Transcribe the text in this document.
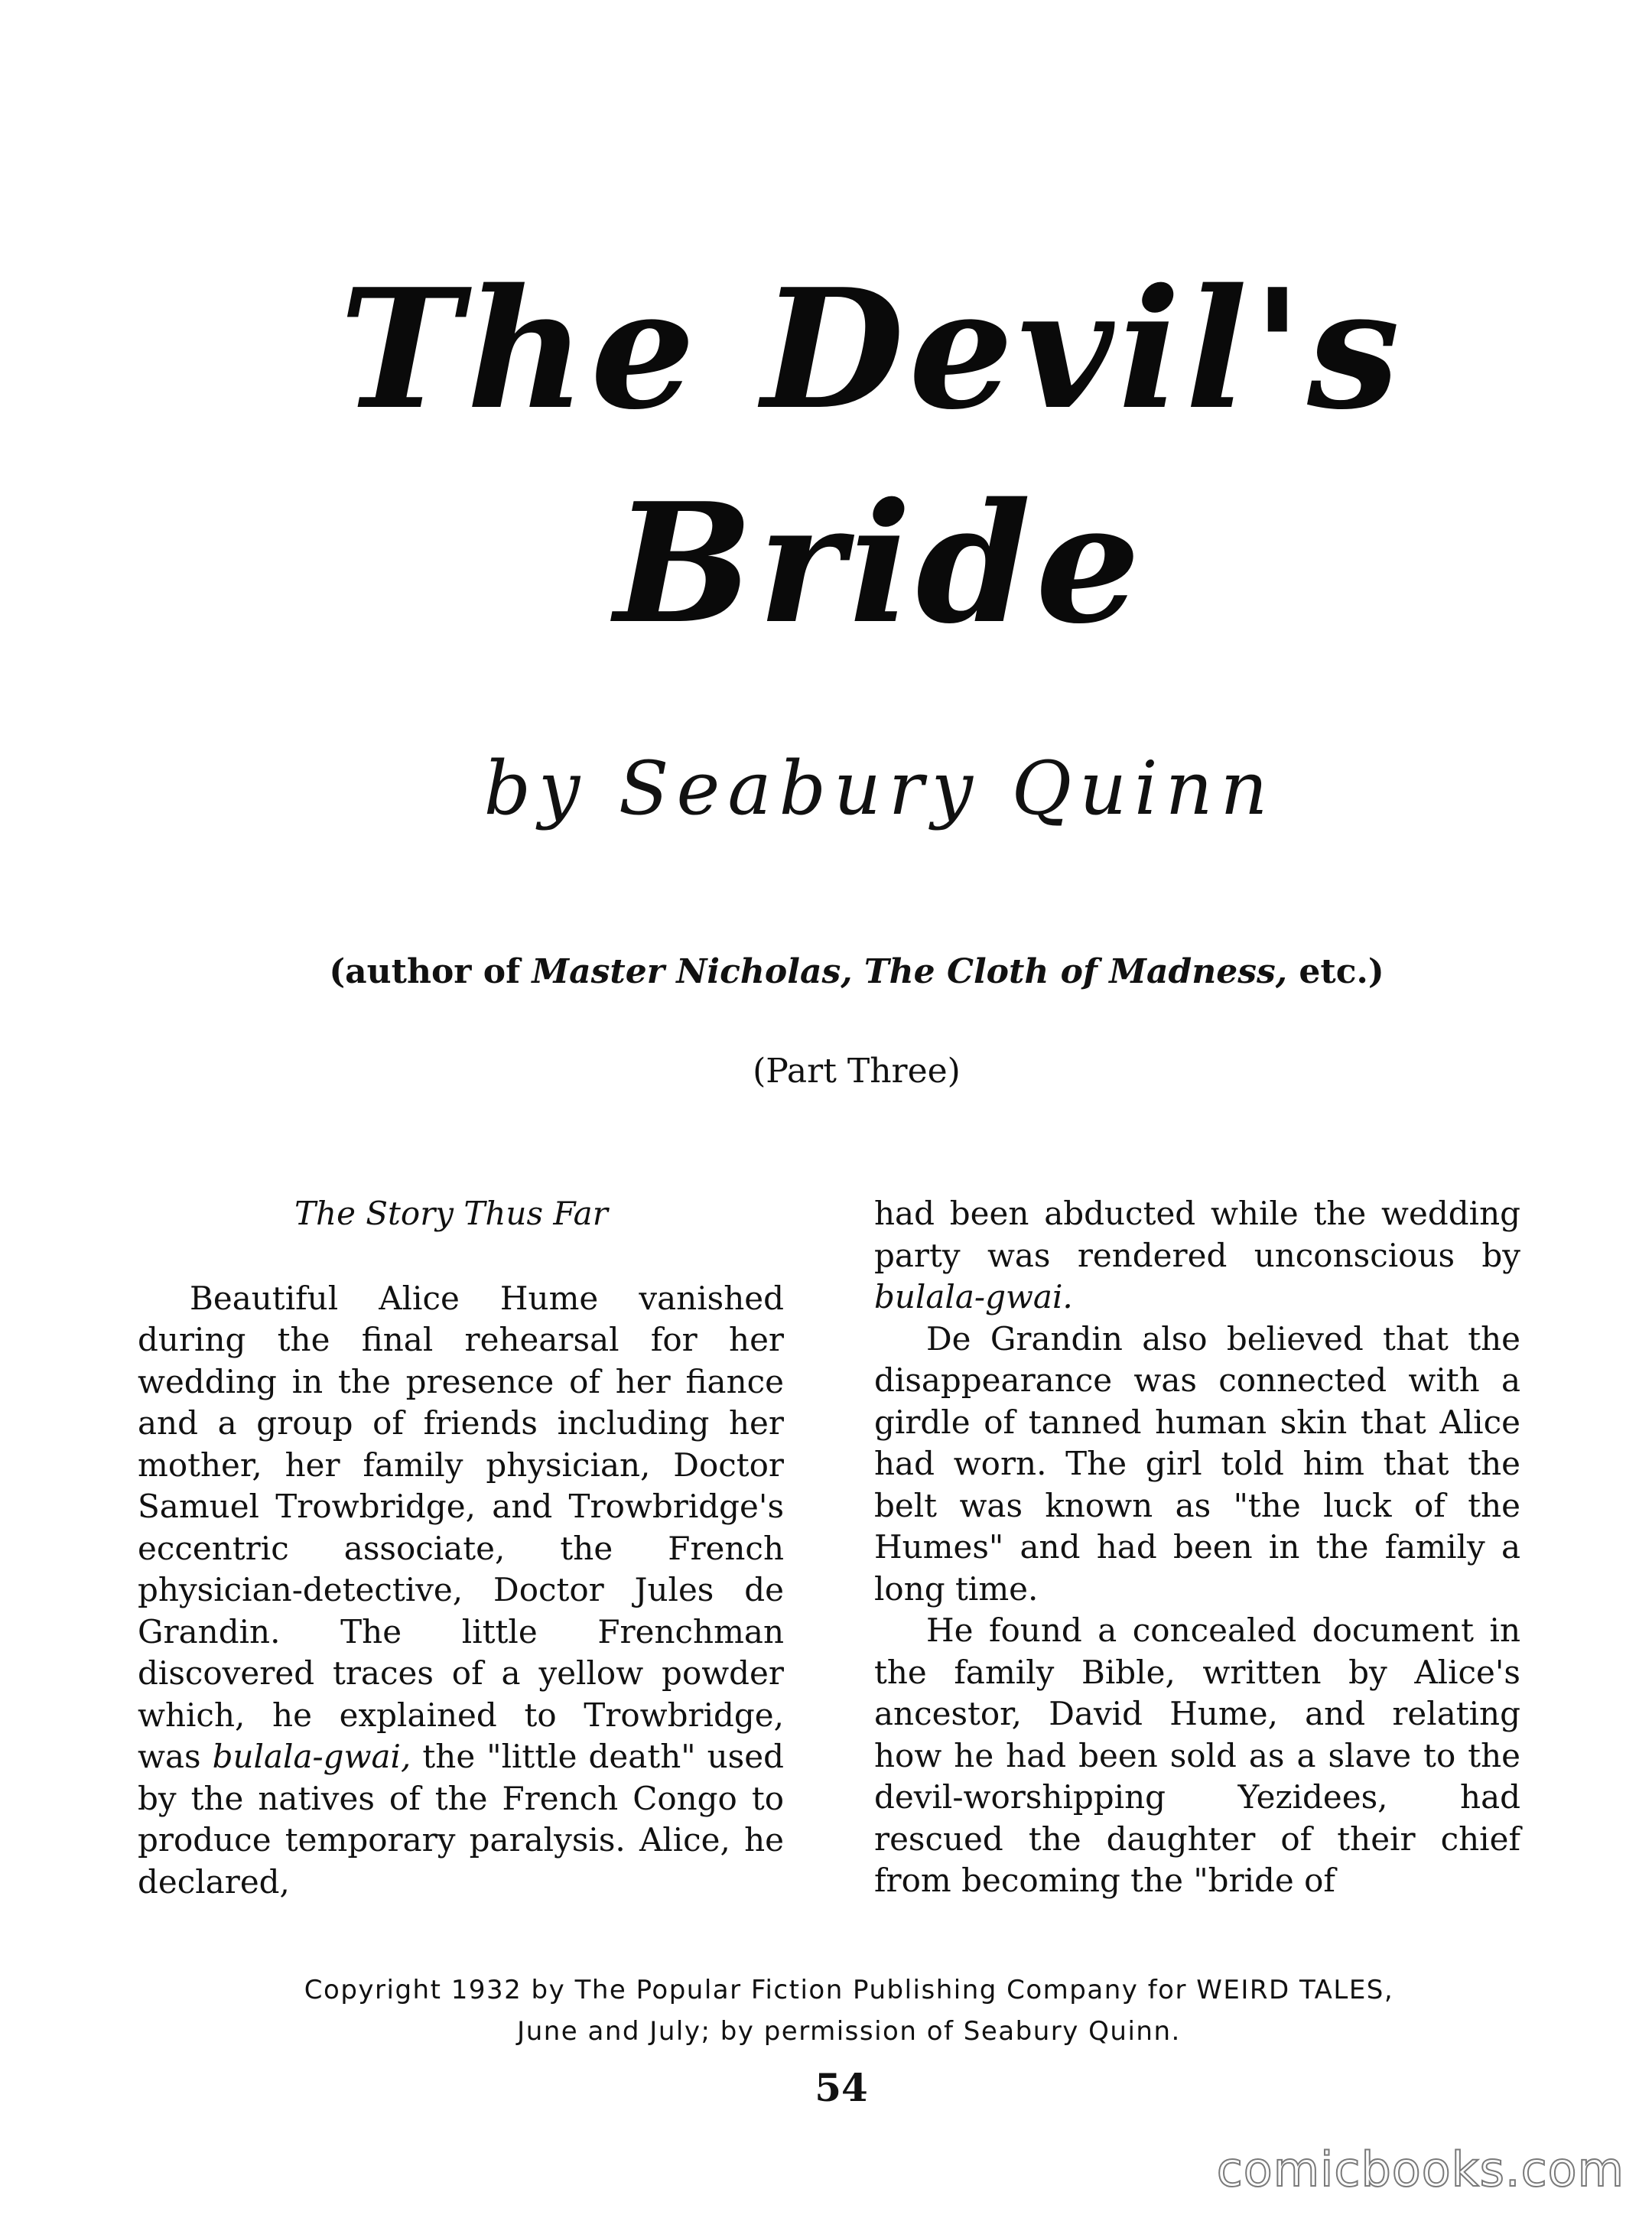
The Devil's
Bride
by Seabury Quinn
(author of Master Nicholas, The Cloth of Madness, etc.)
(Part Three)
The Story Thus Far

Beautiful Alice Hume vanished during the final rehearsal for her wedding in the presence of her fiance and a group of friends including her mother, her family physician, Doctor Samuel Trowbridge, and Trowbridge's eccentric associate, the French physician-detective, Doctor Jules de Grandin. The little Frenchman discovered traces of a yellow powder which, he explained to Trowbridge, was bulala-gwai, the "little death" used by the natives of the French Congo to produce temporary paralysis. Alice, he declared,

had been abducted while the wedding party was rendered unconscious by bulala-gwai.

De Grandin also believed that the disappearance was connected with a girdle of tanned human skin that Alice had worn. The girl told him that the belt was known as "the luck of the Humes" and had been in the family a long time.

He found a concealed document in the family Bible, written by Alice's ancestor, David Hume, and relating how he had been sold as a slave to the devil-worshipping Yezidees, had rescued the daughter of their chief from becoming the "bride of

Copyright 1932 by The Popular Fiction Publishing Company for WEIRD TALES,
June and July; by permission of Seabury Quinn.
54
comicbooks.com
